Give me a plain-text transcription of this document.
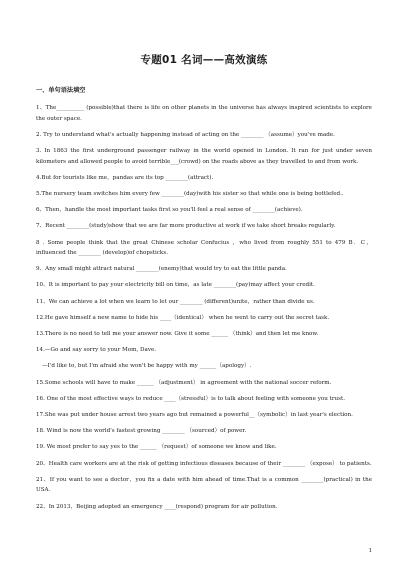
专题01 名词——高效演练
一、单句语法填空

1、The__________ (possible)that there is life on other planets in the universe has always inspired scientists to explore the outer space.

2. Try to understand what's actually happening instead of acting on the ________ （assume）you've made.

3. In 1863 the first underground passenger railway in the world opened in London. It ran for just under seven kilometers and allowed people to avoid terrible___(crowd) on the roads above as they travelled to and from work.

4.But for tourists like me，pandas are its top ________(attract).

5.The nursery team switches him every few ________(day)with his sister so that while one is being bottlefed..

6、Then，handle the most important tasks first so you'll feel a real sense of ________(achieve).

7、Recent ________(study)show that we are far more productive at work if we take short breaks regularly.

8 . Some people think that the great Chinese scholar Confucius ，who lived from roughly 551 to 479 B．C，influenced the ________ (develop)of chopsticks.

9、Any small might attract natural ________(enemy)that would try to eat the little panda.

10、It is important to pay your electricity bill on time，as late ________(pay)may affect your credit.

11、We can achieve a lot when we learn to let our ________ (different)unite，rather than divide us.

12.He gave himself a new name to hide his ____（identical） when he went to carry out the secret task.

13.There is no need to tell me your answer now. Give it some ______ （think）and then let me know.

14.—Go and say sorry to your Mom, Dave.

—I'd like to, but I'm afraid she won't be happy with my ______（apology）.

15.Some schools will have to make ______ （adjustment） in agreement with the national soccer reform.

16. One of the most effective ways to reduce ____（stressful）is to talk about feeling with someone you trust.

17.She was put under house arrest two years ago but remained a powerful__（symbolic）in last year's election.

18. Wind is now the world's fastest growing ________ （sourced）of power.

19. We most prefer to say yes to the ______ （request）of someone we know and like.

20、Health care workers are at the risk of getting infectious diseases because of their ________ （expose） to patients.

21、If you want to see a doctor，you fix a date with him ahead of time.That is a common ________(practical) in the USA.

22、In 2013，Beijing adopted an emergency ____(respond) program for air pollution.

1
